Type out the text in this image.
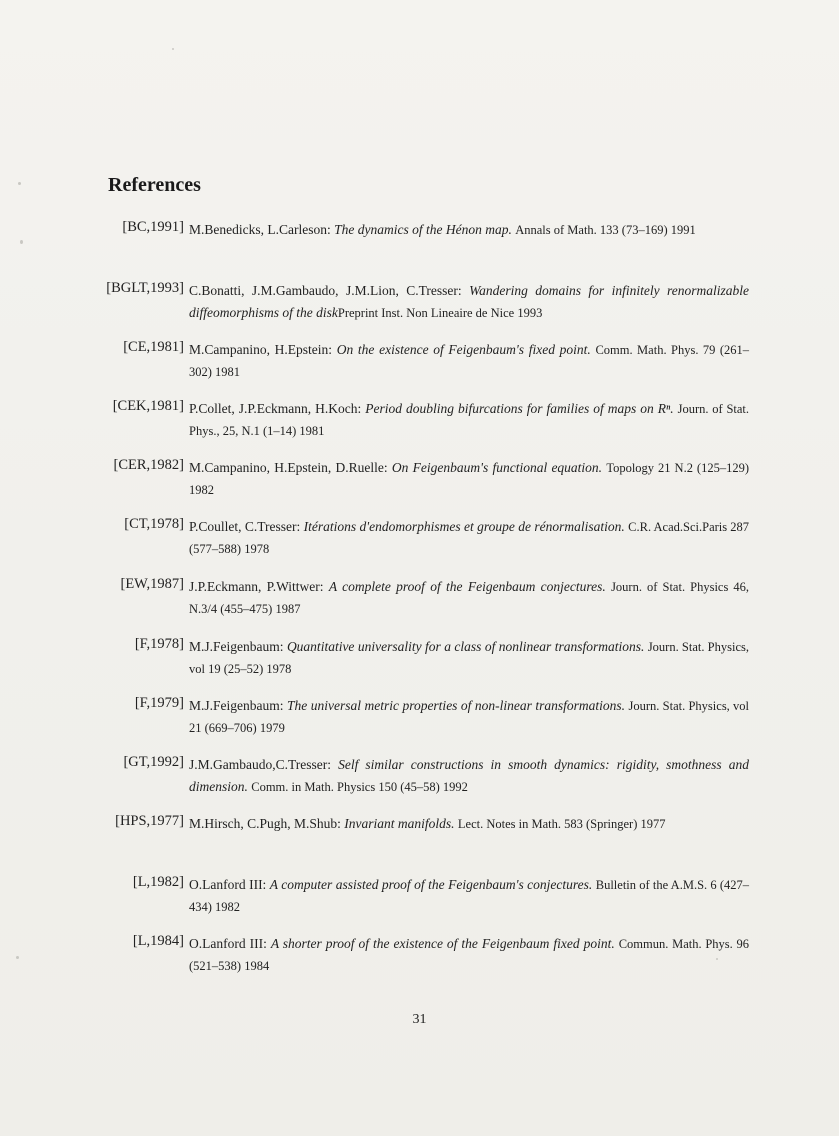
References
[BC,1991] M.Benedicks, L.Carleson: The dynamics of the Hénon map. Annals of Math. 133 (73–169) 1991
[BGLT,1993] C.Bonatti, J.M.Gambaudo, J.M.Lion, C.Tresser: Wandering domains for infinitely renormalizable diffeomorphisms of the diskPreprint Inst. Non Lineaire de Nice 1993
[CE,1981] M.Campanino, H.Epstein: On the existence of Feigenbaum's fixed point. Comm. Math. Phys. 79 (261–302) 1981
[CEK,1981] P.Collet, J.P.Eckmann, H.Koch: Period doubling bifurcations for families of maps on Rⁿ. Journ. of Stat. Phys., 25, N.1 (1–14) 1981
[CER,1982] M.Campanino, H.Epstein, D.Ruelle: On Feigenbaum's functional equation. Topology 21 N.2 (125–129) 1982
[CT,1978] P.Coullet, C.Tresser: Itérations d'endomorphismes et groupe de rénormalisation. C.R. Acad.Sci.Paris 287 (577–588) 1978
[EW,1987] J.P.Eckmann, P.Wittwer: A complete proof of the Feigenbaum conjectures. Journ. of Stat. Physics 46, N.3/4 (455–475) 1987
[F,1978] M.J.Feigenbaum: Quantitative universality for a class of nonlinear transformations. Journ. Stat. Physics, vol 19 (25–52) 1978
[F,1979] M.J.Feigenbaum: The universal metric properties of non-linear transformations. Journ. Stat. Physics, vol 21 (669–706) 1979
[GT,1992] J.M.Gambaudo,C.Tresser: Self similar constructions in smooth dynamics: rigidity, smothness and dimension. Comm. in Math. Physics 150 (45–58) 1992
[HPS,1977] M.Hirsch, C.Pugh, M.Shub: Invariant manifolds. Lect. Notes in Math. 583 (Springer) 1977
[L,1982] O.Lanford III: A computer assisted proof of the Feigenbaum's conjectures. Bulletin of the A.M.S. 6 (427–434) 1982
[L,1984] O.Lanford III: A shorter proof of the existence of the Feigenbaum fixed point. Commun. Math. Phys. 96 (521–538) 1984
31
